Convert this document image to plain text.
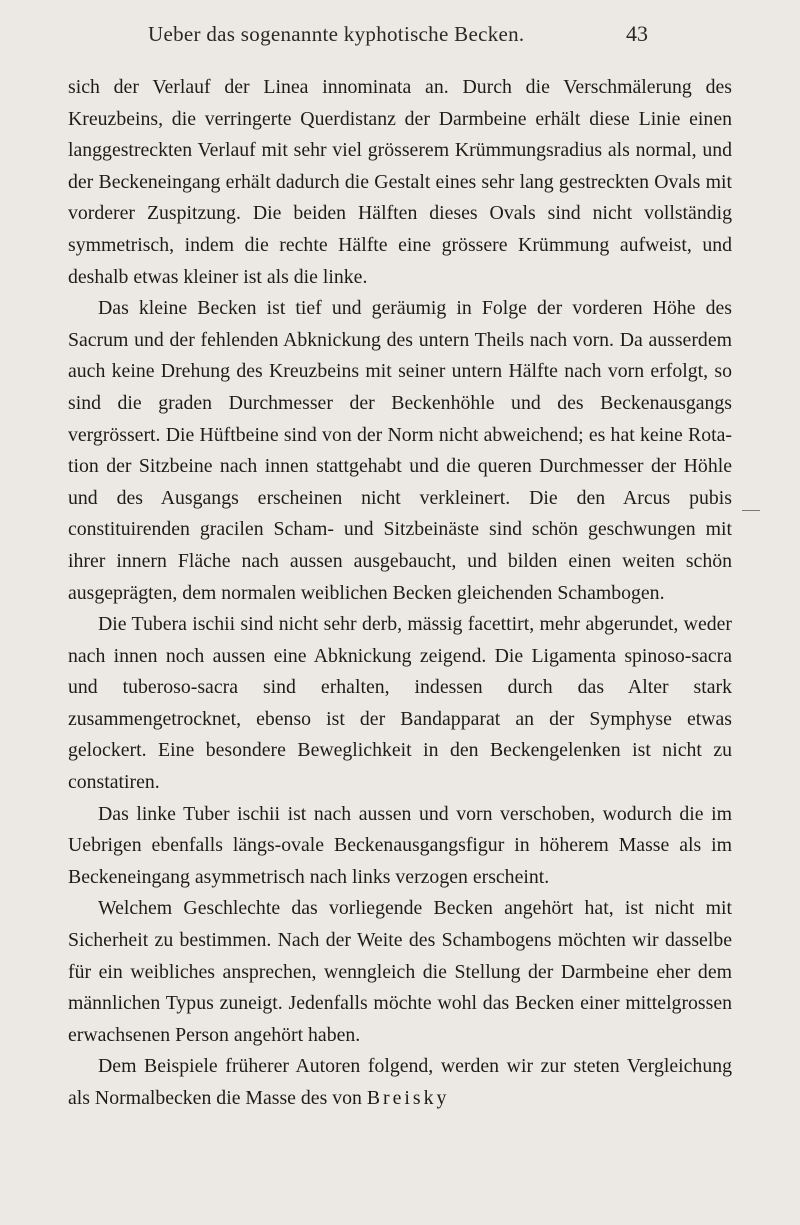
Ueber das sogenannte kyphotische Becken.	43

sich der Verlauf der Linea innominata an. Durch die Verschmälerung des Kreuzbeins, die verringerte Querdistanz der Darmbeine erhält diese Linie einen langgestreckten Verlauf mit sehr viel grösserem Krümmungsradius als normal, und der Beckeneingang erhält dadurch die Gestalt eines sehr lang gestreckten Ovals mit vorderer Zuspitzung. Die beiden Hälften dieses Ovals sind nicht vollständig symmetrisch, indem die rechte Hälfte eine grössere Krümmung aufweist, und deshalb etwas kleiner ist als die linke.

Das kleine Becken ist tief und geräumig in Folge der vorderen Höhe des Sacrum und der fehlenden Abknickung des untern Theils nach vorn. Da ausserdem auch keine Drehung des Kreuzbeins mit seiner untern Hälfte nach vorn erfolgt, so sind die graden Durchmesser der Beckenhöhle und des Beckenausgangs vergrössert. Die Hüftbeine sind von der Norm nicht abweichend; es hat keine Rotation der Sitzbeine nach innen stattgehabt und die queren Durchmesser der Höhle und des Ausgangs erscheinen nicht verkleinert. Die den Arcus pubis constituirenden gracilen Scham- und Sitzbeinäste sind schön geschwungen mit ihrer innern Fläche nach aussen ausgebaucht, und bilden einen weiten schön ausgeprägten, dem normalen weiblichen Becken gleichenden Schambogen.

Die Tubera ischii sind nicht sehr derb, mässig facettirt, mehr abgerundet, weder nach innen noch aussen eine Abknickung zeigend. Die Ligamenta spinoso-sacra und tuberoso-sacra sind erhalten, indessen durch das Alter stark zusammengetrocknet, ebenso ist der Bandapparat an der Symphyse etwas gelockert. Eine besondere Beweglichkeit in den Beckengelenken ist nicht zu constatiren.

Das linke Tuber ischii ist nach aussen und vorn verschoben, wodurch die im Uebrigen ebenfalls längs-ovale Beckenausgangsfigur in höherem Masse als im Beckeneingang asymmetrisch nach links verzogen erscheint.

Welchem Geschlechte das vorliegende Becken angehört hat, ist nicht mit Sicherheit zu bestimmen. Nach der Weite des Schambogens möchten wir dasselbe für ein weibliches ansprechen, wenngleich die Stellung der Darmbeine eher dem männlichen Typus zuneigt. Jedenfalls möchte wohl das Becken einer mittelgrossen erwachsenen Person angehört haben.

Dem Beispiele früherer Autoren folgend, werden wir zur steten Vergleichung als Normalbecken die Masse des von Breisky
